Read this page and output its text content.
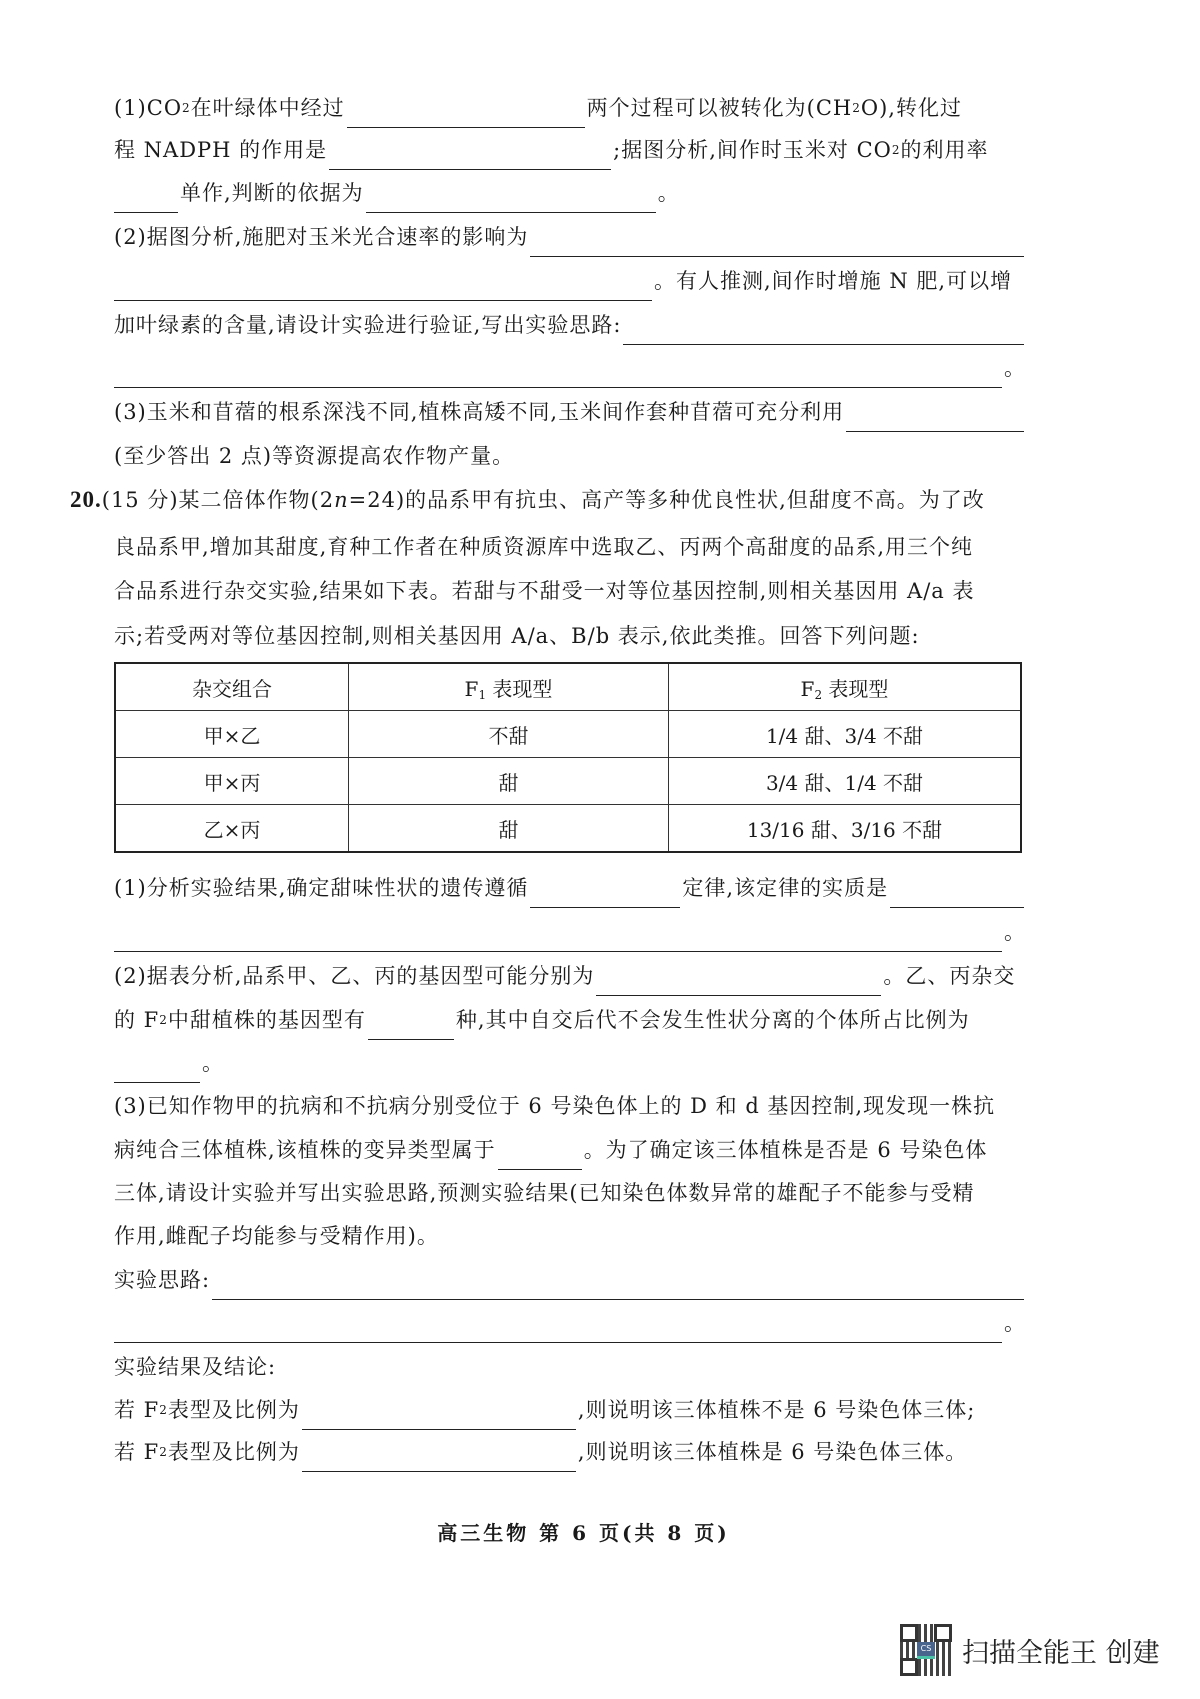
(1)CO 2 在叶绿体中经过	两个过程可以被转化为(CH 2 O),转化过
程 NADPH 的作用是	;据图分析,间作时玉米对 CO 2 的利用率
单作,判断的依据为	。
(2)据图分析,施肥对玉米光合速率的影响为
。有人推测,间作时增施 N 肥,可以增
加叶绿素的含量,请设计实验进行验证,写出实验思路:
。
(3)玉米和苜蓿的根系深浅不同,植株高矮不同,玉米间作套种苜蓿可充分利用
(至少答出 2 点)等资源提高农作物产量。
20.(15 分)某二倍体作物(2n=24)的品系甲有抗虫、高产等多种优良性状,但甜度不高。为了改
良品系甲,增加其甜度,育种工作者在种质资源库中选取乙、丙两个高甜度的品系,用三个纯
合品系进行杂交实验,结果如下表。若甜与不甜受一对等位基因控制,则相关基因用 A/a 表
示;若受两对等位基因控制,则相关基因用 A/a、B/b 表示,依此类推。回答下列问题:
杂交组合	$F_1$ 表现型	$F_2$ 表现型
甲×乙	不甜	1/4 甜、3/4 不甜
甲×丙	甜	3/4 甜、1/4 不甜
乙×丙	甜	13/16 甜、3/16 不甜
(1)分析实验结果,确定甜味性状的遗传遵循	定律,该定律的实质是
。
(2)据表分析,品系甲、乙、丙的基因型可能分别为	。乙、丙杂交
的 F 2 中甜植株的基因型有	种,其中自交后代不会发生性状分离的个体所占比例为
。
(3)已知作物甲的抗病和不抗病分别受位于 6 号染色体上的 D 和 d 基因控制,现发现一株抗
病纯合三体植株,该植株的变异类型属于	。为了确定该三体植株是否是 6 号染色体
三体,请设计实验并写出实验思路,预测实验结果(已知染色体数异常的雄配子不能参与受精
作用,雌配子均能参与受精作用)。
实验思路:
。
实验结果及结论:
若 F 2 表型及比例为	,则说明该三体植株不是 6 号染色体三体;
若 F 2 表型及比例为	,则说明该三体植株是 6 号染色体三体。
高三生物 第 6 页(共 8 页)
CS 扫描全能王 创建
